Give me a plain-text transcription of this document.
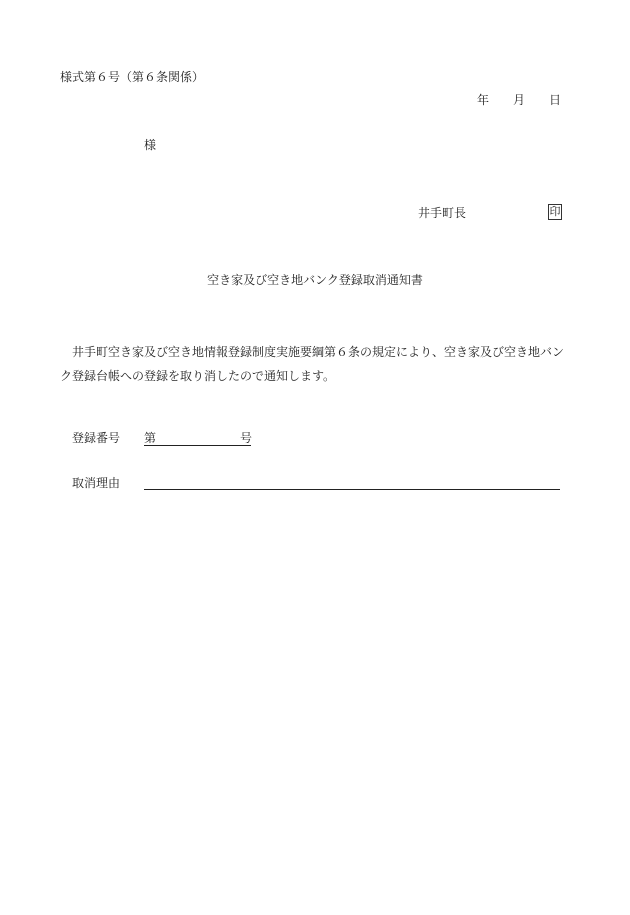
様式第６号（第６条関係）
年 月 日
様
井手町長	印
空き家及び空き地バンク登録取消通知書
井手町空き家及び空き地情報登録制度実施要綱第６条の規定により、空き家及び空き地バンク登録台帳への登録を取り消したので通知します。
登録番号 第	号
取消理由
